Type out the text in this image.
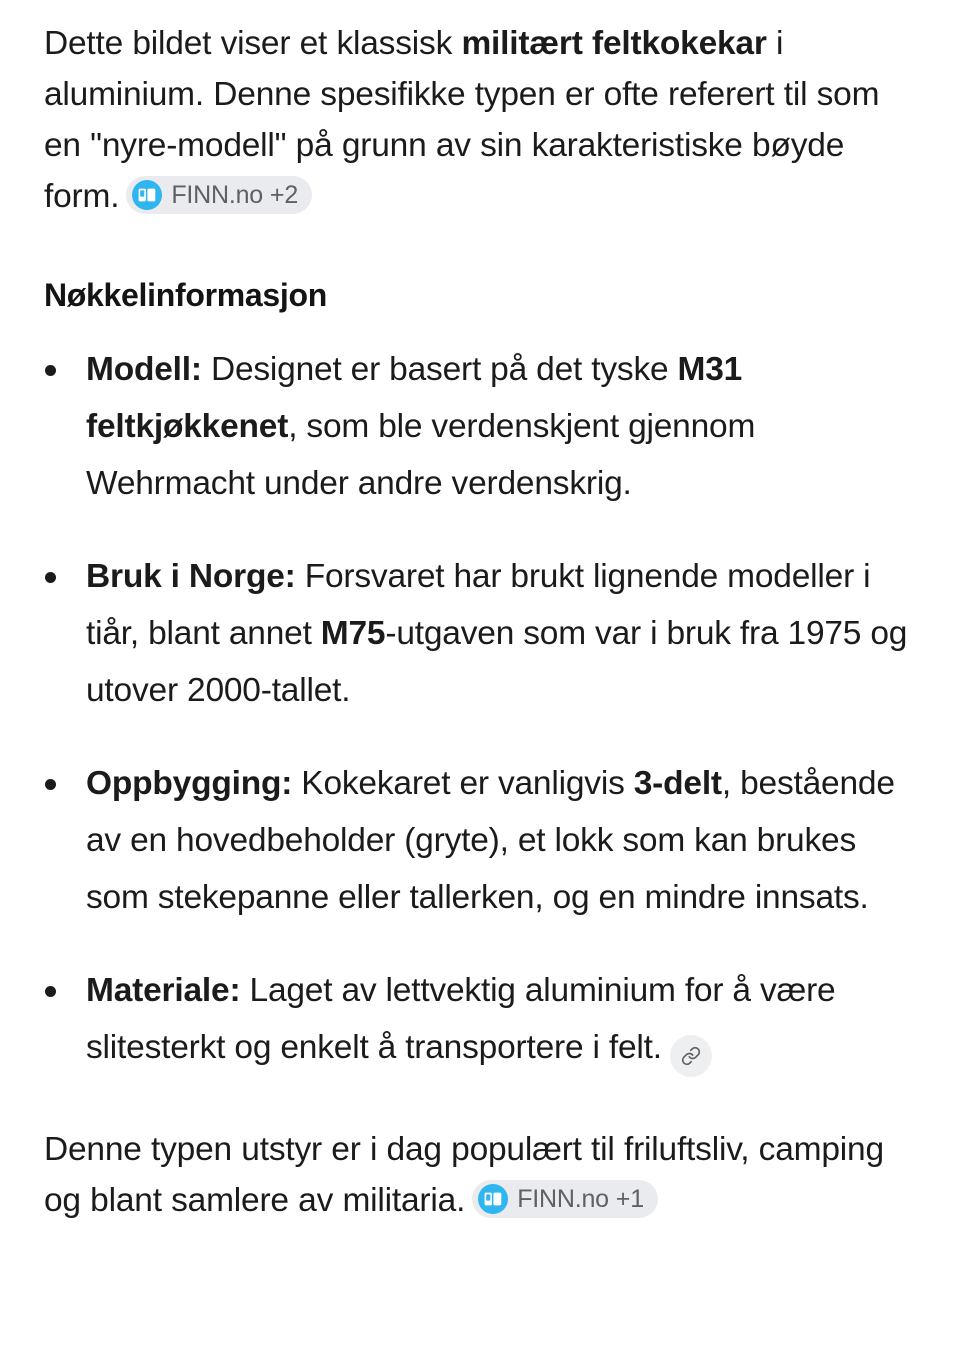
Dette bildet viser et klassisk militært feltkokekar i aluminium. Denne spesifikke typen er ofte referert til som en "nyre-modell" på grunn av sin karakteristiske bøyde form. FINN.no +2

Nøkkelinformasjon
Modell: Designet er basert på det tyske M31 feltkjøkkenet, som ble verdenskjent gjennom Wehrmacht under andre verdenskrig.
Bruk i Norge: Forsvaret har brukt lignende modeller i tiår, blant annet M75-utgaven som var i bruk fra 1975 og utover 2000-tallet.
Oppbygging: Kokekaret er vanligvis 3-delt, bestående av en hovedbeholder (gryte), et lokk som kan brukes som stekepanne eller tallerken, og en mindre innsats.
Materiale: Laget av lettvektig aluminium for å være slitesterkt og enkelt å transportere i felt.

Denne typen utstyr er i dag populært til friluftsliv, camping og blant samlere av militaria. FINN.no +1
